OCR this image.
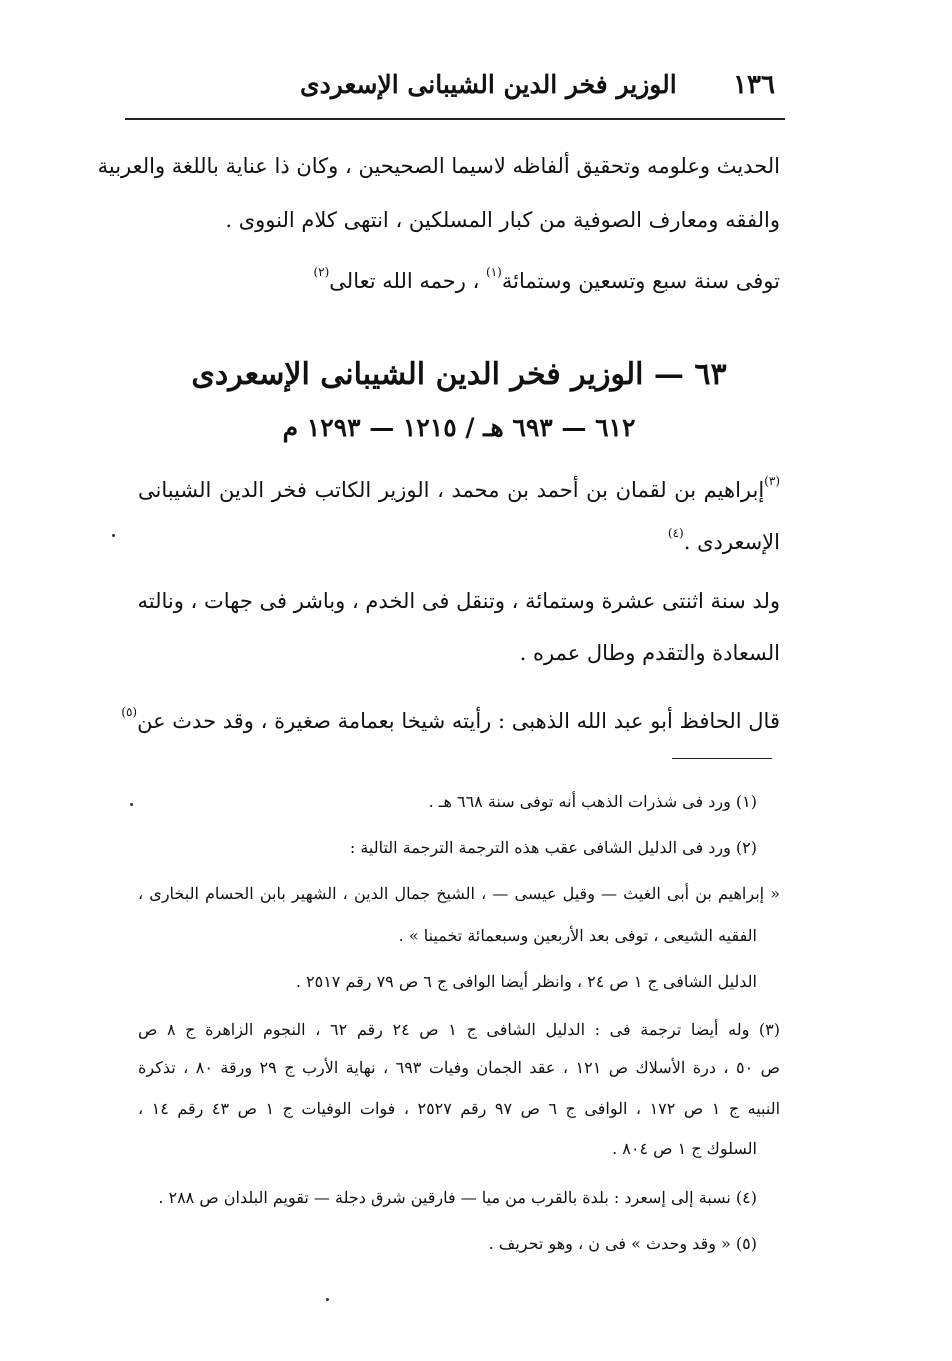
١٣٦
الوزير فخر الدين الشيبانى الإسعردى
الحديث وعلومه وتحقيق ألفاظه لاسيما الصحيحين ، وكان ذا عناية باللغة والعربية
والفقه ومعارف الصوفية من كبار المسلكين ، انتهى كلام النووى .
توفى سنة سبع وتسعين وستمائة$^{(١)}$ ، رحمه الله تعالى$^{(٢)}$
٦٣ — الوزير فخر الدين الشيبانى الإسعردى
٦١٢ — ٦٩٣ هـ / ١٢١٥ — ١٢٩٣ م
$^{(٣)}$إبراهيم بن لقمان بن أحمد بن محمد ، الوزير الكاتب فخر الدين الشيبانى
الإسعردى .$^{(٤)}$
ولد سنة اثنتى عشرة وستمائة ، وتنقل فى الخدم ، وباشر فى جهات ، ونالته
السعادة والتقدم وطال عمره .
قال الحافظ أبو عبد الله الذهبى : رأيته شيخا بعمامة صغيرة ، وقد حدث عن$^{(٥)}$
(١) ورد فى شذرات الذهب أنه توفى سنة ٦٦٨ هـ .
(٢) ورد فى الدليل الشافى عقب هذه الترجمة الترجمة التالية :
« إبراهيم بن أبى الغيث — وقيل عيسى — ، الشيخ جمال الدين ، الشهير بابن الحسام البخارى ،
الفقيه الشيعى ، توفى بعد الأربعين وسبعمائة تخمينا » .
الدليل الشافى ج ١ ص ٢٤ ، وانظر أيضا الوافى ج ٦ ص ٧٩ رقم ٢٥١٧ .
(٣) وله أيضا ترجمة فى : الدليل الشافى ج ١ ص ٢٤ رقم ٦٢ ، النجوم الزاهرة ج ٨ ص
ص ٥٠ ، درة الأسلاك ص ١٢١ ، عقد الجمان وفيات ٦٩٣ ، نهاية الأرب ج ٢٩ ورقة ٨٠ ، تذكرة
النبيه ج ١ ص ١٧٢ ، الوافى ج ٦ ص ٩٧ رقم ٢٥٢٧ ، فوات الوفيات ج ١ ص ٤٣ رقم ١٤ ،
السلوك ج ١ ص ٨٠٤ .
(٤) نسبة إلى إسعرد : بلدة بالقرب من ميا — فارقين شرق دجلة — تقويم البلدان ص ٢٨٨ .
(٥) « وقد وحدث » فى ن ، وهو تحريف .
